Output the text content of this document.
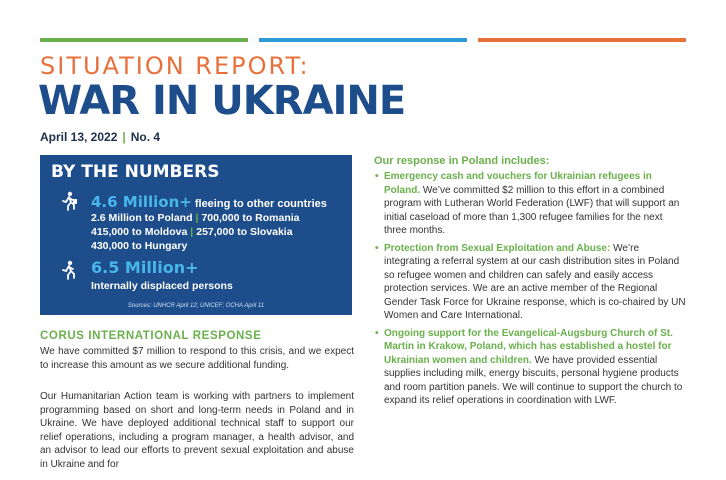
SITUATION REPORT:
WAR IN UKRAINE
April 13, 2022 | No. 4
BY THE NUMBERS
4.6 Million+ fleeing to other countries
2.6 Million to Poland | 700,000 to Romania
415,000 to Moldova | 257,000 to Slovakia
430,000 to Hungary
6.5 Million+
Internally displaced persons
Sources: UNHCR April 12; UNICEF; OCHA April 11
CORUS INTERNATIONAL RESPONSE

We have committed $7 million to respond to this crisis, and we expect to increase this amount as we secure additional funding.

Our Humanitarian Action team is working with partners to implement programming based on short and long-term needs in Poland and in Ukraine. We have deployed additional technical staff to support our relief operations, including a program manager, a health advisor, and an advisor to lead our efforts to prevent sexual exploitation and abuse in Ukraine and for

Our response in Poland includes:
• Emergency cash and vouchers for Ukrainian refugees in Poland. We’ve committed $2 million to this effort in a combined program with Lutheran World Federation (LWF) that will support an initial caseload of more than 1,300 refugee families for the next three months.
• Protection from Sexual Exploitation and Abuse: We’re integrating a referral system at our cash distribution sites in Poland so refugee women and children can safely and easily access protection services. We are an active member of the Regional Gender Task Force for Ukraine response, which is co-chaired by UN Women and Care International.
• Ongoing support for the Evangelical-Augsburg Church of St. Martin in Krakow, Poland, which has established a hostel for Ukrainian women and children. We have provided essential supplies including milk, energy biscuits, personal hygiene products and room partition panels. We will continue to support the church to expand its relief operations in coordination with LWF.
